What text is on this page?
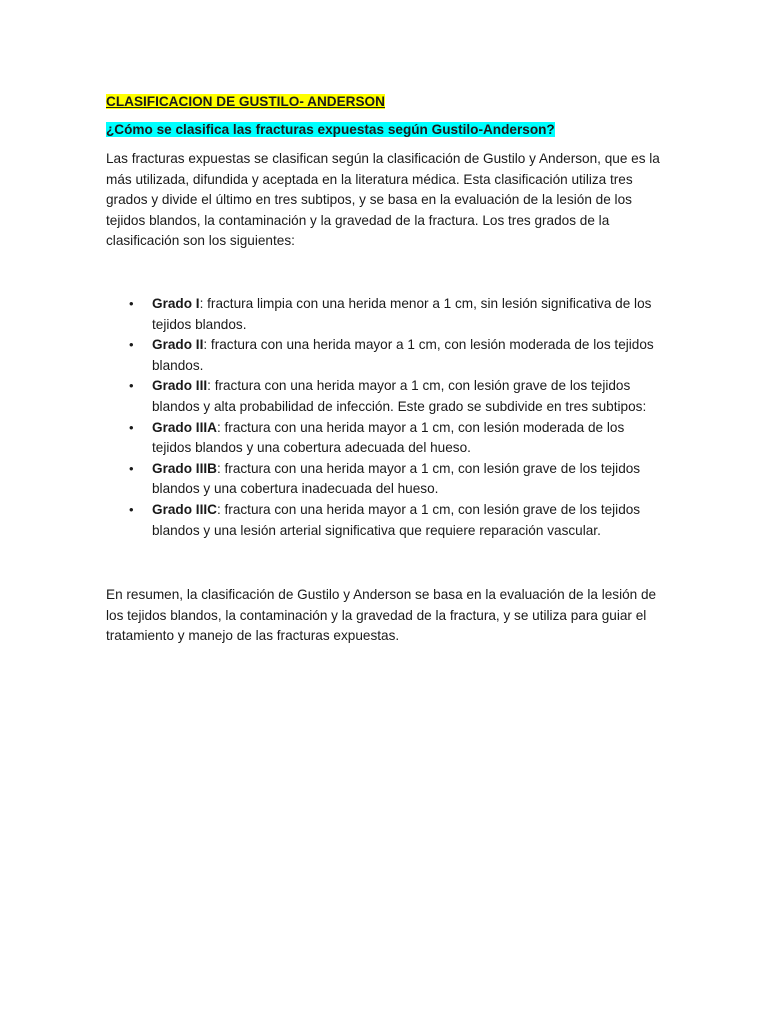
CLASIFICACION DE GUSTILO- ANDERSON

¿Cómo se clasifica las fracturas expuestas según Gustilo-Anderson?

Las fracturas expuestas se clasifican según la clasificación de Gustilo y Anderson, que es la más utilizada, difundida y aceptada en la literatura médica. Esta clasificación utiliza tres grados y divide el último en tres subtipos, y se basa en la evaluación de la lesión de los tejidos blandos, la contaminación y la gravedad de la fractura. Los tres grados de la clasificación son los siguientes:

• Grado I: fractura limpia con una herida menor a 1 cm, sin lesión significativa de los tejidos blandos.
• Grado II: fractura con una herida mayor a 1 cm, con lesión moderada de los tejidos blandos.
• Grado III: fractura con una herida mayor a 1 cm, con lesión grave de los tejidos blandos y alta probabilidad de infección. Este grado se subdivide en tres subtipos:
• Grado IIIA: fractura con una herida mayor a 1 cm, con lesión moderada de los tejidos blandos y una cobertura adecuada del hueso.
• Grado IIIB: fractura con una herida mayor a 1 cm, con lesión grave de los tejidos blandos y una cobertura inadecuada del hueso.
• Grado IIIC: fractura con una herida mayor a 1 cm, con lesión grave de los tejidos blandos y una lesión arterial significativa que requiere reparación vascular.

En resumen, la clasificación de Gustilo y Anderson se basa en la evaluación de la lesión de los tejidos blandos, la contaminación y la gravedad de la fractura, y se utiliza para guiar el tratamiento y manejo de las fracturas expuestas.
